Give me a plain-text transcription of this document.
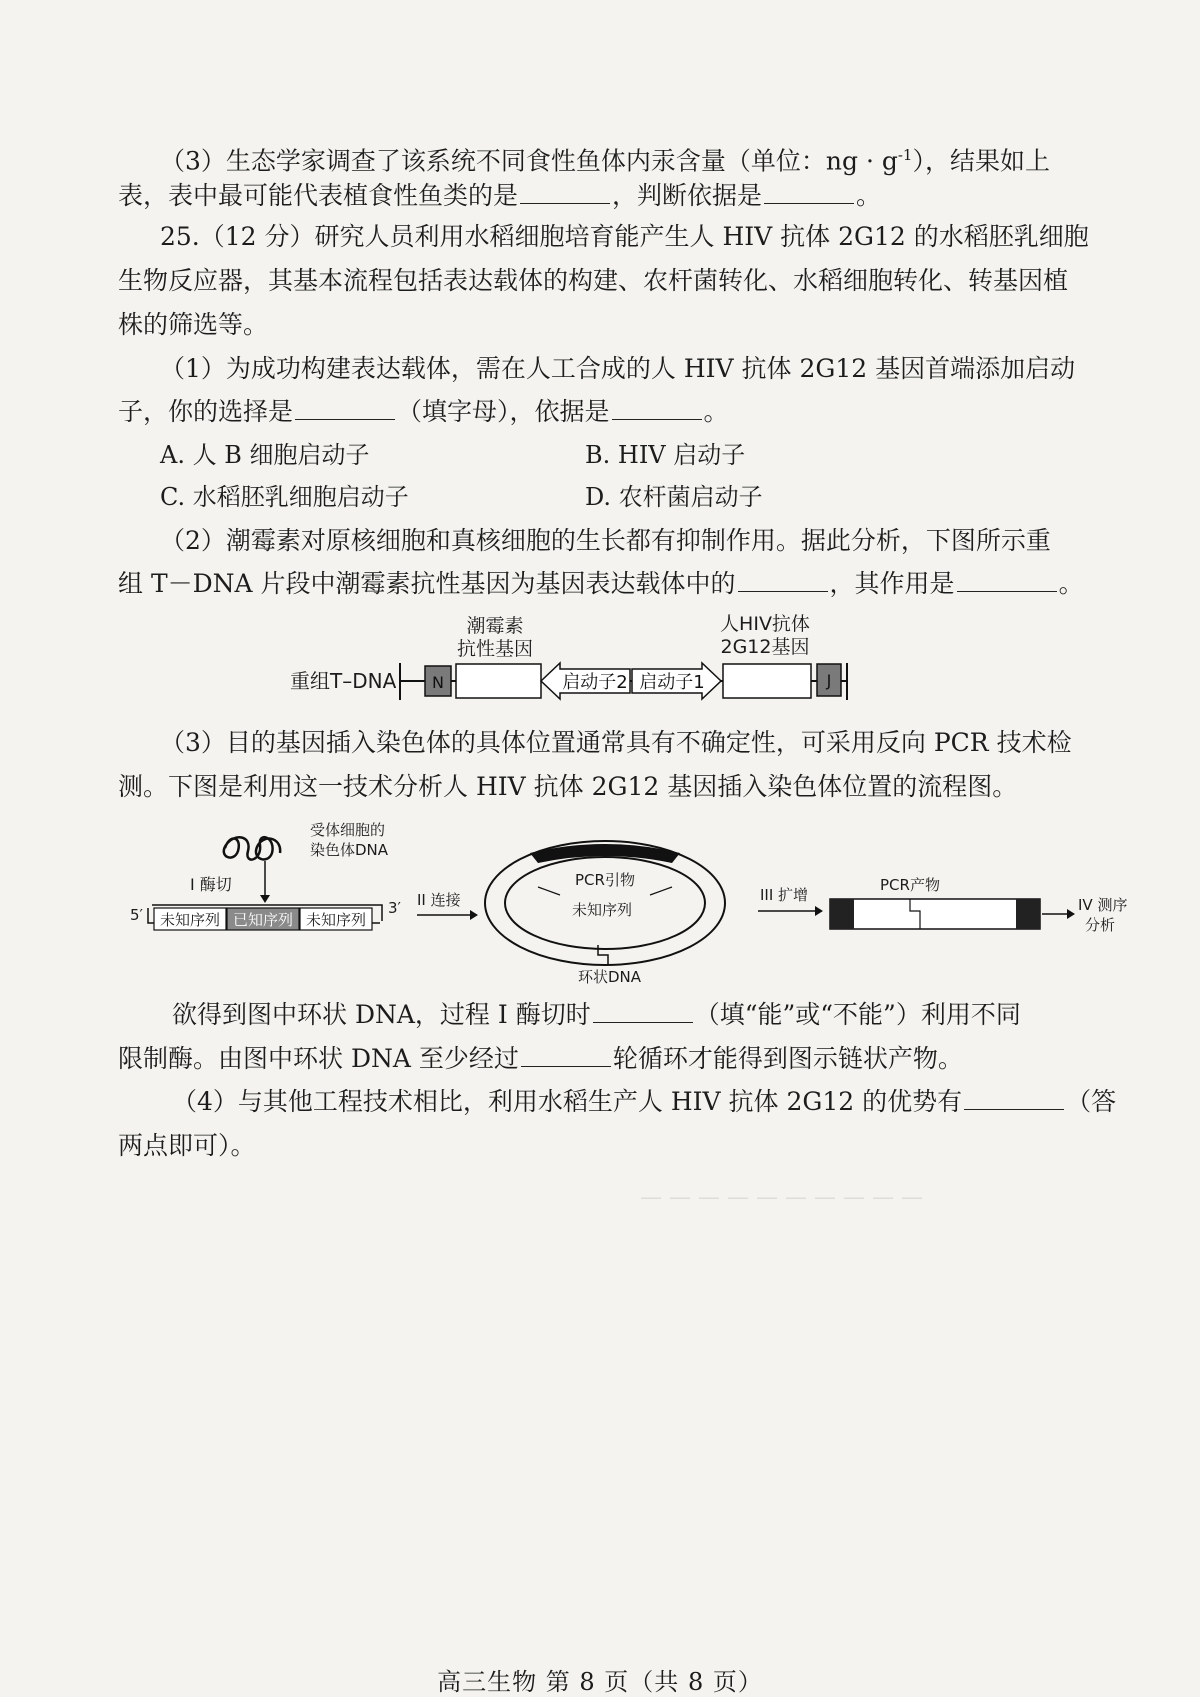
— — — — — — — — — —
（3）生态学家调查了该系统不同食性鱼体内汞含量（单位：ng · $g^{-1}$），结果如上
表，表中最可能代表植食性鱼类的是	，判断依据是	。
25.（12 分）研究人员利用水稻细胞培育能产生人 HIV 抗体 2G12 的水稻胚乳细胞
生物反应器，其基本流程包括表达载体的构建、农杆菌转化、水稻细胞转化、转基因植
株的筛选等。
（1）为成功构建表达载体，需在人工合成的人 HIV 抗体 2G12 基因首端添加启动
子，你的选择是	（填字母），依据是	。
A. 人 B 细胞启动子	B. HIV 启动子
C. 水稻胚乳细胞启动子	D. 农杆菌启动子
（2）潮霉素对原核细胞和真核细胞的生长都有抑制作用。据此分析，下图所示重
组 T－DNA 片段中潮霉素抗性基因为基因表达载体中的	，其作用是	。
重组T–DNA
潮霉素
抗性基因
人HIV抗体
2G12基因
N	启动子2 启动子1	J
（3）目的基因插入染色体的具体位置通常具有不确定性，可采用反向 PCR 技术检
测。下图是利用这一技术分析人 HIV 抗体 2G12 基因插入染色体位置的流程图。
受体细胞的
染色体DNA
I 酶切
5′ 未知序列 已知序列 未知序列
3′ II 连接
PCR引物
未知序列
环状DNA
III 扩增
PCR产物
IV 测序
分析
欲得到图中环状 DNA，过程 I 酶切时	（填“能”或“不能”）利用不同
限制酶。由图中环状 DNA 至少经过	轮循环才能得到图示链状产物。
（4）与其他工程技术相比，利用水稻生产人 HIV 抗体 2G12 的优势有	（答
两点即可）。
高三生物 第 8 页（共 8 页）
